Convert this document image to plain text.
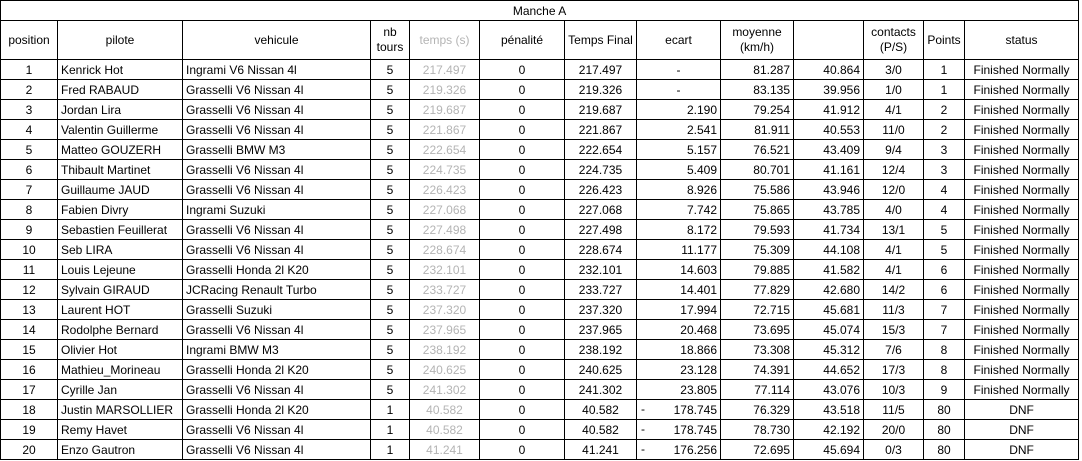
Manche A												
position	pilote	vehicule	nb tours	temps (s)	pénalité	Temps Final	ecart	moyenne (km/h)		contacts (P/S)	Points	status
1	Kenrick Hot	Ingrami V6 Nissan 4l	5	217.497	0	217.497	-	81.287	40.864	3/0	1	Finished Normally
2	Fred RABAUD	Grasselli V6 Nissan 4l	5	219.326	0	219.326	-	83.135	39.956	1/0	1	Finished Normally
3	Jordan Lira	Grasselli V6 Nissan 4l	5	219.687	0	219.687	2.190	79.254	41.912	4/1	2	Finished Normally
4	Valentin Guillerme	Grasselli V6 Nissan 4l	5	221.867	0	221.867	2.541	81.911	40.553	11/0	2	Finished Normally
5	Matteo GOUZERH	Grasselli BMW M3	5	222.654	0	222.654	5.157	76.521	43.409	9/4	3	Finished Normally
6	Thibault Martinet	Grasselli V6 Nissan 4l	5	224.735	0	224.735	5.409	80.701	41.161	12/4	3	Finished Normally
7	Guillaume JAUD	Grasselli V6 Nissan 4l	5	226.423	0	226.423	8.926	75.586	43.946	12/0	4	Finished Normally
8	Fabien Divry	Ingrami Suzuki	5	227.068	0	227.068	7.742	75.865	43.785	4/0	4	Finished Normally
9	Sebastien Feuillerat	Grasselli V6 Nissan 4l	5	227.498	0	227.498	8.172	79.593	41.734	13/1	5	Finished Normally
10	Seb LIRA	Grasselli V6 Nissan 4l	5	228.674	0	228.674	11.177	75.309	44.108	4/1	5	Finished Normally
11	Louis Lejeune	Grasselli Honda 2l K20	5	232.101	0	232.101	14.603	79.885	41.582	4/1	6	Finished Normally
12	Sylvain GIRAUD	JCRacing Renault Turbo	5	233.727	0	233.727	14.401	77.829	42.680	14/2	6	Finished Normally
13	Laurent HOT	Grasselli Suzuki	5	237.320	0	237.320	17.994	72.715	45.681	11/3	7	Finished Normally
14	Rodolphe Bernard	Grasselli V6 Nissan 4l	5	237.965	0	237.965	20.468	73.695	45.074	15/3	7	Finished Normally
15	Olivier Hot	Ingrami BMW M3	5	238.192	0	238.192	18.866	73.308	45.312	7/6	8	Finished Normally
16	Mathieu_Morineau	Grasselli Honda 2l K20	5	240.625	0	240.625	23.128	74.391	44.652	17/3	8	Finished Normally
17	Cyrille Jan	Grasselli V6 Nissan 4l	5	241.302	0	241.302	23.805	77.114	43.076	10/3	9	Finished Normally
18	Justin MARSOLLIER	Grasselli Honda 2l K20	1	40.582	0	40.582	- 178.745	76.329	43.518	11/5	80	DNF
19	Remy Havet	Grasselli V6 Nissan 4l	1	40.582	0	40.582	- 178.745	78.730	42.192	20/0	80	DNF
20	Enzo Gautron	Grasselli V6 Nissan 4l	1	41.241	0	41.241	- 176.256	72.695	45.694	0/3	80	DNF
